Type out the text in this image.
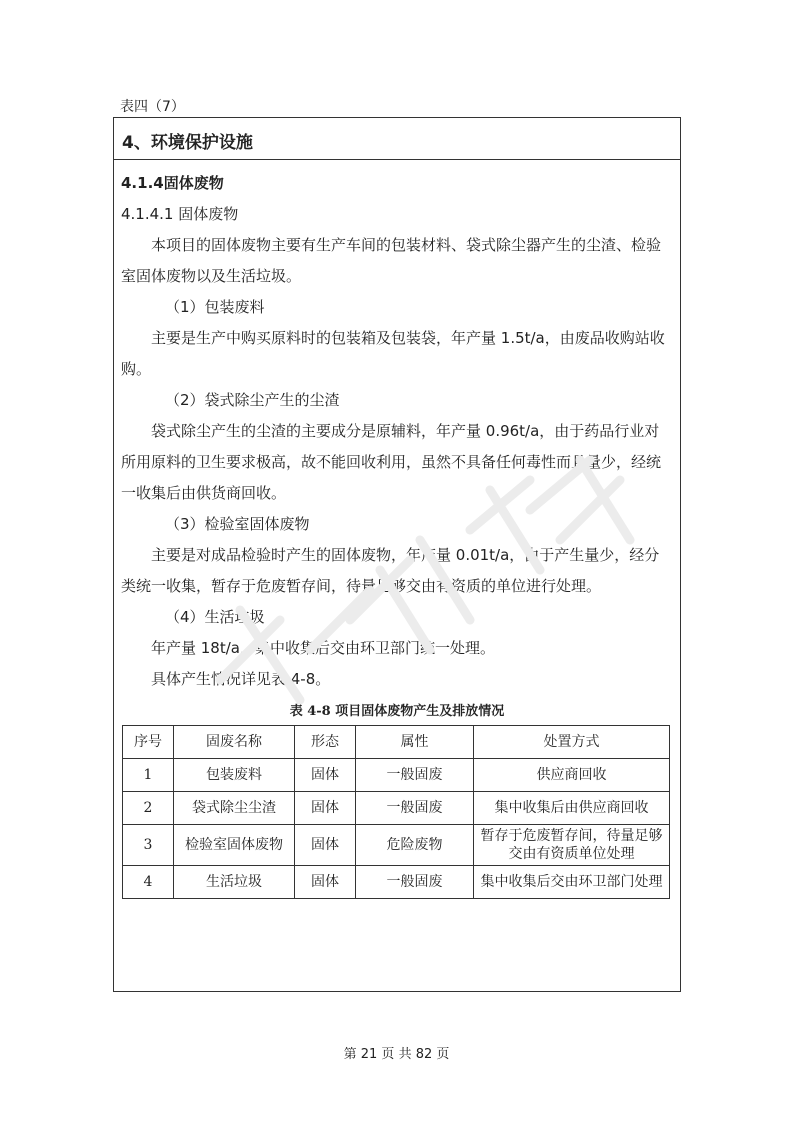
表四（7）
4、环境保护设施
4.1.4固体废物

4.1.4.1 固体废物

本项目的固体废物主要有生产车间的包装材料、袋式除尘器产生的尘渣、检验室固体废物以及生活垃圾。

（1）包装废料

主要是生产中购买原料时的包装箱及包装袋，年产量 1.5t/a，由废品收购站收购。

（2）袋式除尘产生的尘渣

袋式除尘产生的尘渣的主要成分是原辅料，年产量 0.96t/a，由于药品行业对所用原料的卫生要求极高，故不能回收利用，虽然不具备任何毒性而且量少，经统一收集后由供货商回收。

（3）检验室固体废物

主要是对成品检验时产生的固体废物，年产量 0.01t/a，由于产生量少，经分类统一收集，暂存于危废暂存间，待量足够交由有资质的单位进行处理。

（4）生活垃圾

年产量 18t/a，集中收集后交由环卫部门统一处理。

具体产生情况详见表 4-8。

表 4-8 项目固体废物产生及排放情况
序号	固废名称	形态	属性	处置方式
1	包装废料	固体	一般固废	供应商回收
2	袋式除尘尘渣	固体	一般固废	集中收集后由供应商回收
3	检验室固体废物	固体	危险废物	暂存于危废暂存间，待量足够交由有资质单位处理
4	生活垃圾	固体	一般固废	集中收集后交由环卫部门处理
第 21 页 共 82 页
